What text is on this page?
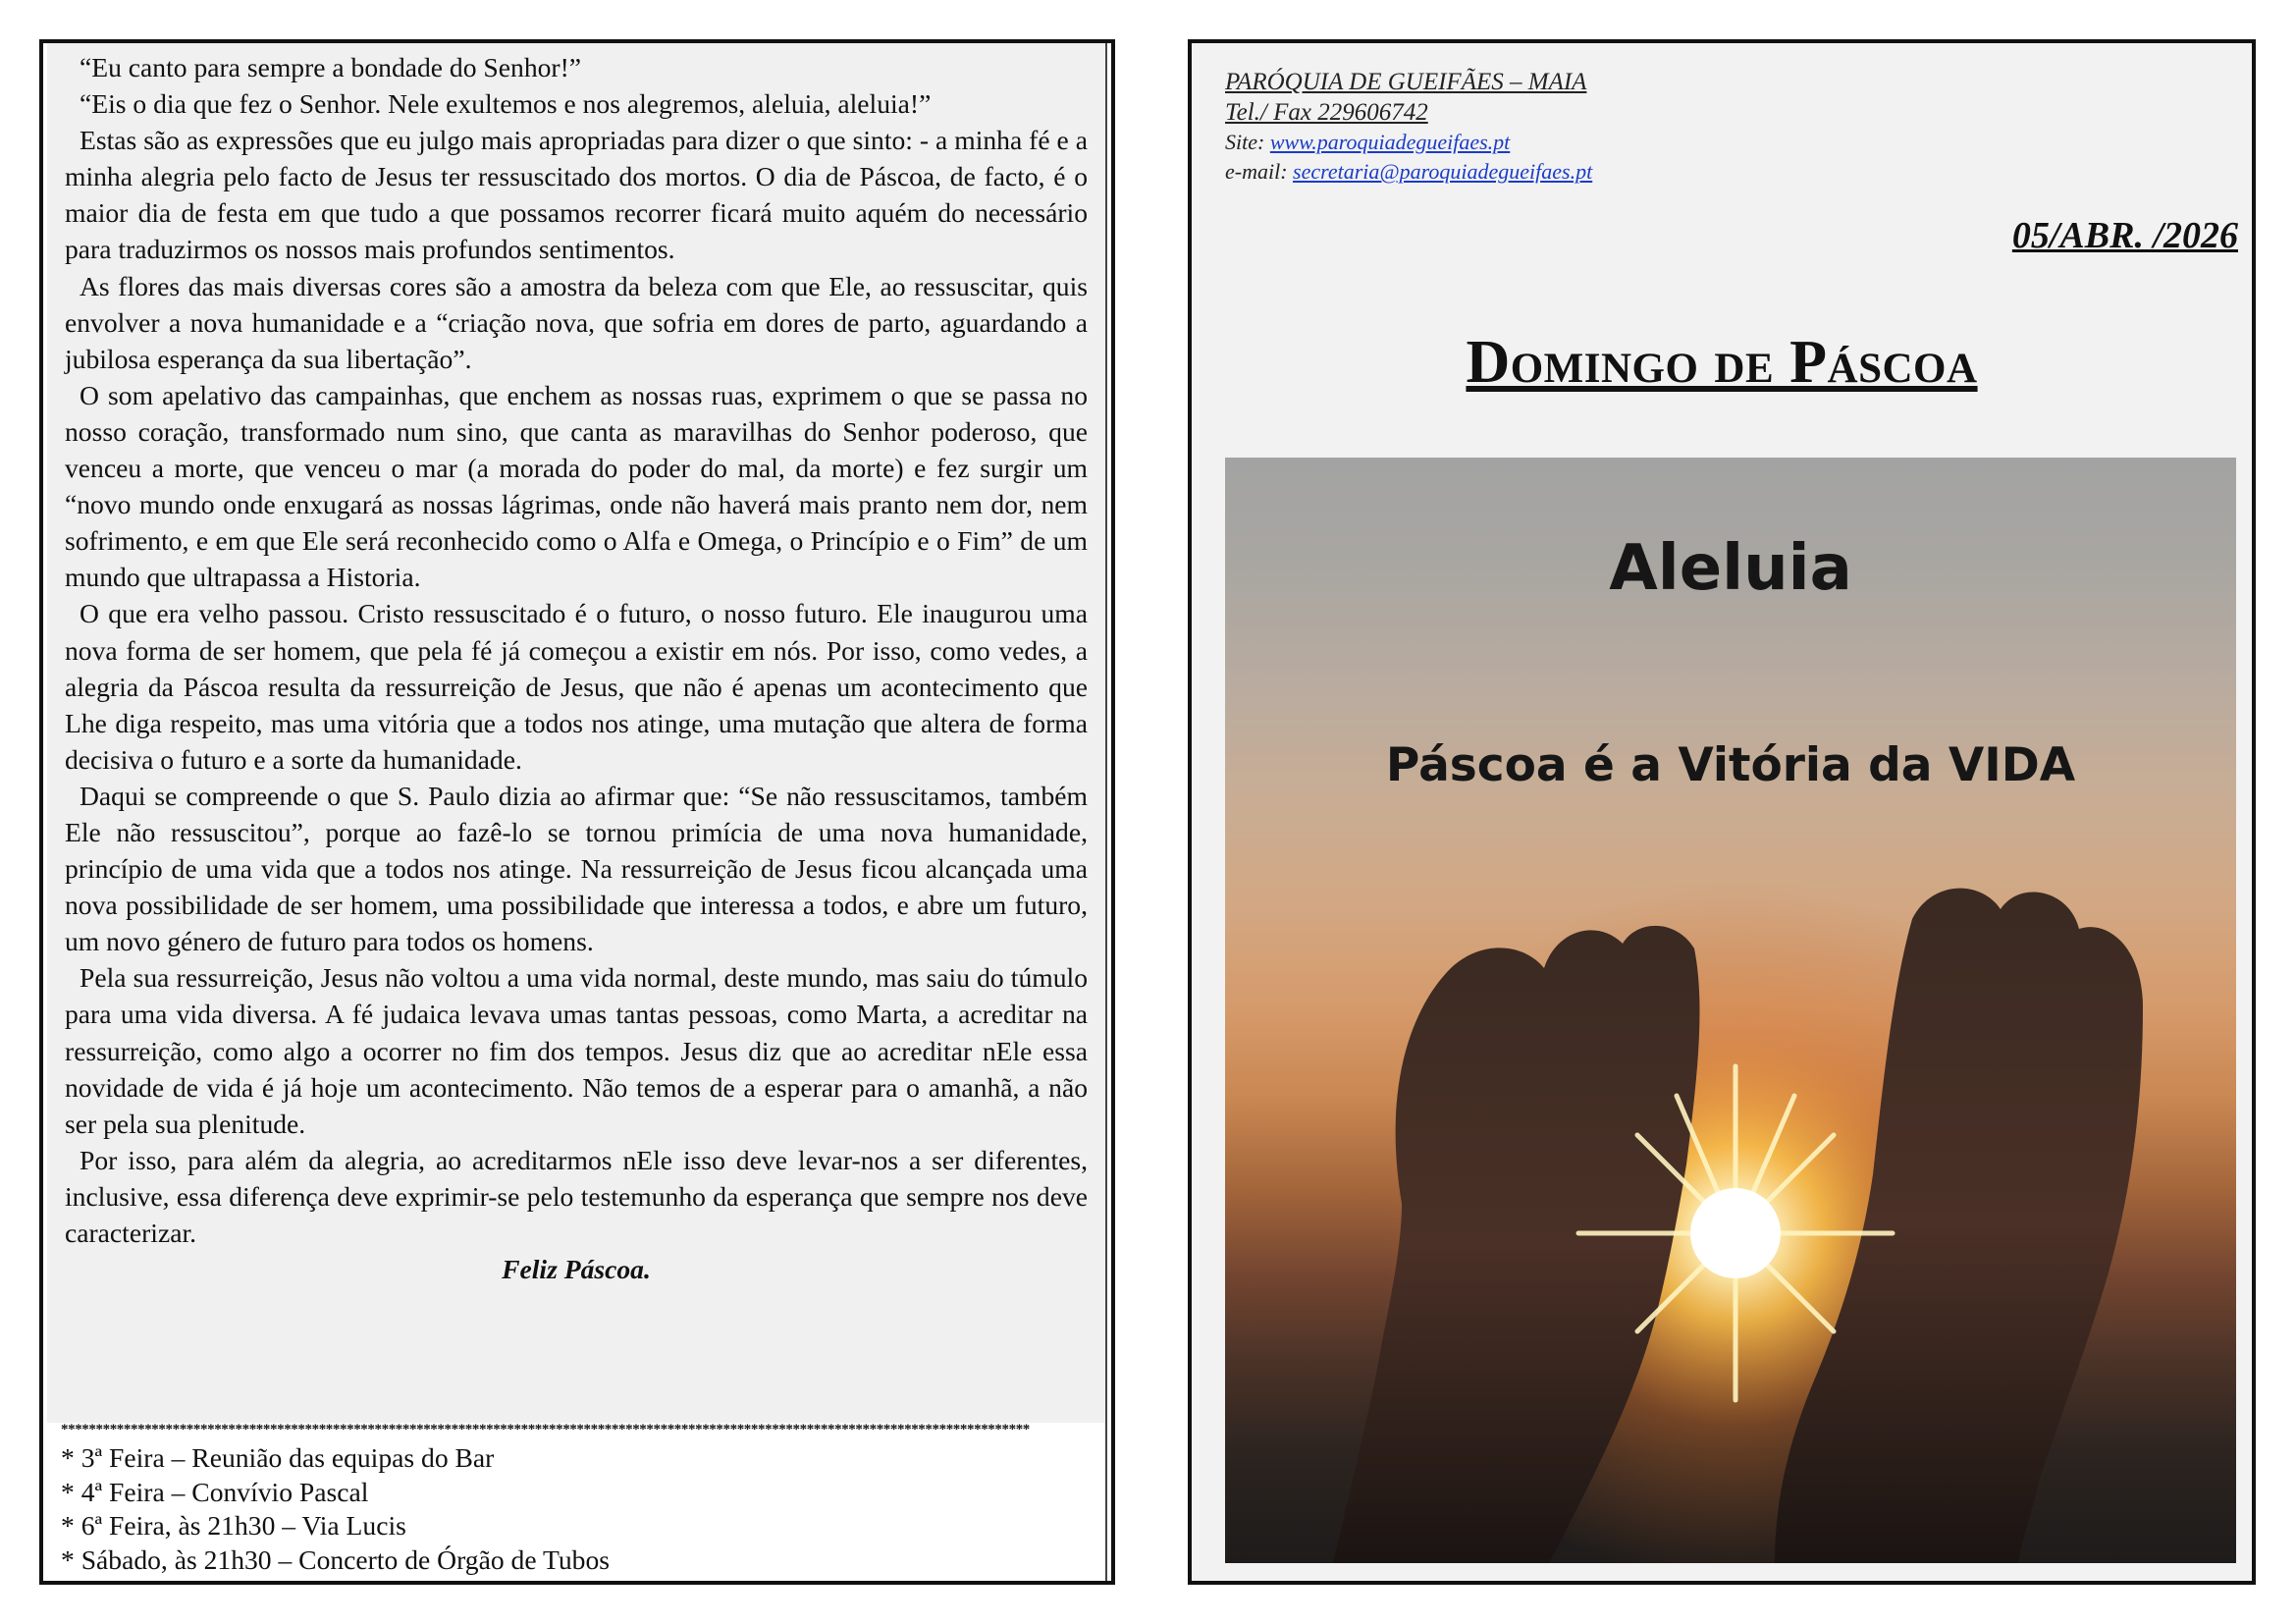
“Eu canto para sempre a bondade do Senhor!”

“Eis o dia que fez o Senhor. Nele exultemos e nos alegremos, aleluia, aleluia!”

Estas são as expressões que eu julgo mais apropriadas para dizer o que sinto: - a minha fé e a minha alegria pelo facto de Jesus ter ressuscitado dos mortos. O dia de Páscoa, de facto, é o maior dia de festa em que tudo a que possamos recorrer ficará muito aquém do necessário para traduzirmos os nossos mais profundos sentimentos.

As flores das mais diversas cores são a amostra da beleza com que Ele, ao ressuscitar, quis envolver a nova humanidade e a “criação nova, que sofria em dores de parto, aguardando a jubilosa esperança da sua libertação”.

O som apelativo das campainhas, que enchem as nossas ruas, exprimem o que se passa no nosso coração, transformado num sino, que canta as maravilhas do Senhor poderoso, que venceu a morte, que venceu o mar (a morada do poder do mal, da morte) e fez surgir um “novo mundo onde enxugará as nossas lágrimas, onde não haverá mais pranto nem dor, nem sofrimento, e em que Ele será reconhecido como o Alfa e Omega, o Princípio e o Fim” de um mundo que ultrapassa a Historia.

O que era velho passou. Cristo ressuscitado é o futuro, o nosso futuro. Ele inaugurou uma nova forma de ser homem, que pela fé já começou a existir em nós. Por isso, como vedes, a alegria da Páscoa resulta da ressurreição de Jesus, que não é apenas um acontecimento que Lhe diga respeito, mas uma vitória que a todos nos atinge, uma mutação que altera de forma decisiva o futuro e a sorte da humanidade.

Daqui se compreende o que S. Paulo dizia ao afirmar que: “Se não ressuscitamos, também Ele não ressuscitou”, porque ao fazê-lo se tornou primícia de uma nova humanidade, princípio de uma vida que a todos nos atinge. Na ressurreição de Jesus ficou alcançada uma nova possibilidade de ser homem, uma possibilidade que interessa a todos, e abre um futuro, um novo género de futuro para todos os homens.

Pela sua ressurreição, Jesus não voltou a uma vida normal, deste mundo, mas saiu do túmulo para uma vida diversa. A fé judaica levava umas tantas pessoas, como Marta, a acreditar na ressurreição, como algo a ocorrer no fim dos tempos. Jesus diz que ao acreditar nEle essa novidade de vida é já hoje um acontecimento. Não temos de a esperar para o amanhã, a não ser pela sua plenitude.

Por isso, para além da alegria, ao acreditarmos nEle isso deve levar-nos a ser diferentes, inclusive, essa diferença deve exprimir-se pelo testemunho da esperança que sempre nos deve caracterizar.

Feliz Páscoa.

*******************************************************************************************************************************************
* 3ª Feira – Reunião das equipas do Bar
* 4ª Feira – Convívio Pascal
* 6ª Feira, às 21h30 – Via Lucis
* Sábado, às 21h30 – Concerto de Órgão de Tubos
PARÓQUIA DE GUEIFÃES – MAIA
Tel./ Fax 229606742
Site: www.paroquiadegueifaes.pt
e-mail: secretaria@paroquiadegueifaes.pt
05/ABR. /2026
Domingo de Páscoa
Aleluia
Páscoa é a Vitória da VIDA
